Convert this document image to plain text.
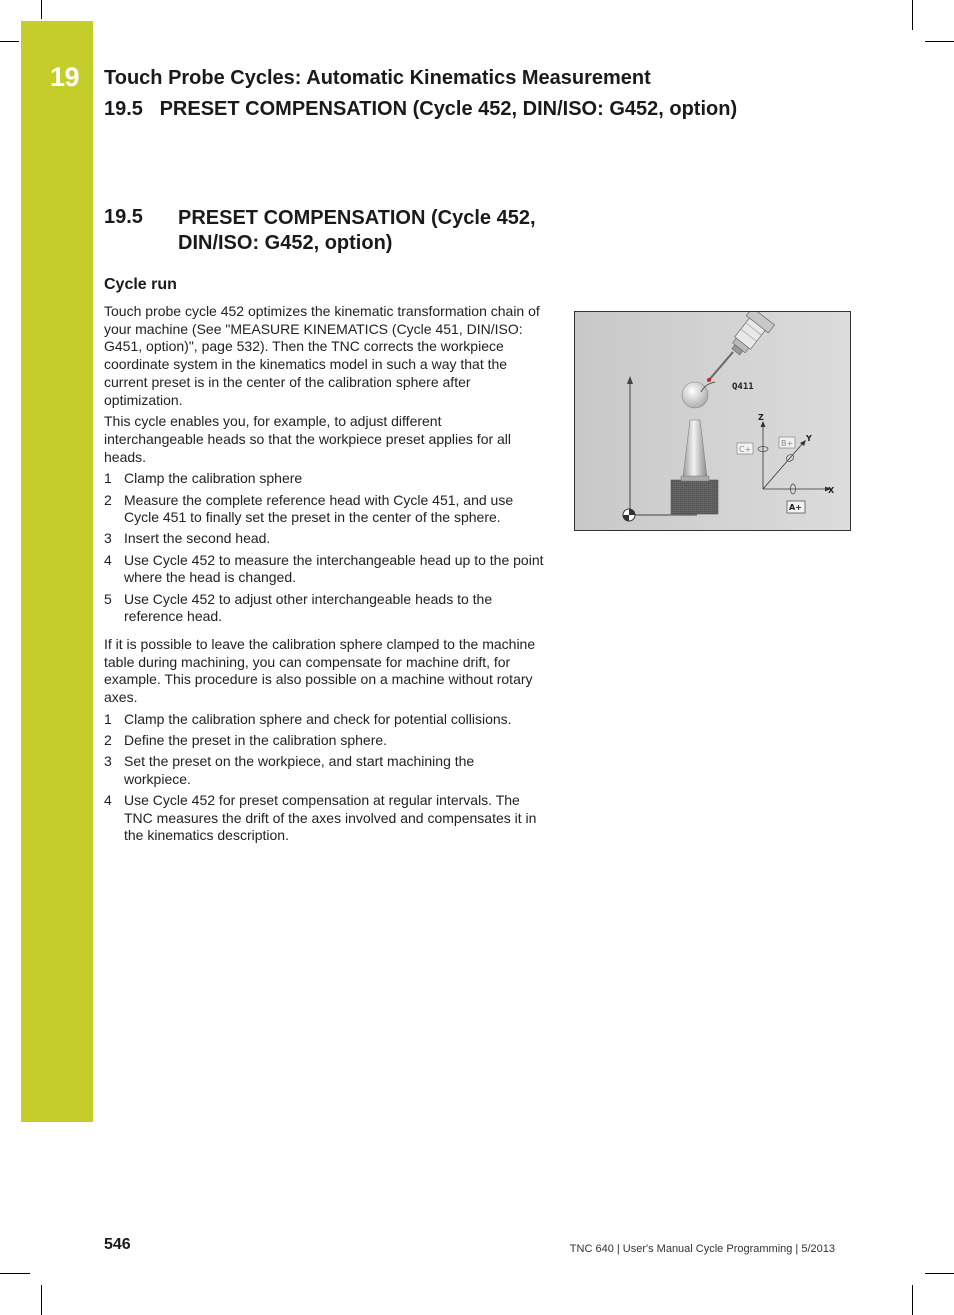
19 Touch Probe Cycles: Automatic Kinematics Measurement
19.5   PRESET COMPENSATION (Cycle 452, DIN/ISO: G452, option)
19.5 PRESET COMPENSATION (Cycle 452, DIN/ISO: G452, option)
Cycle run

Touch probe cycle 452 optimizes the kinematic transformation chain of your machine (See "MEASURE KINEMATICS (Cycle 451, DIN/ISO: G451, option)", page 532). Then the TNC corrects the workpiece coordinate system in the kinematics model in such a way that the current preset is in the center of the calibration sphere after optimization.

This cycle enables you, for example, to adjust different interchangeable heads so that the workpiece preset applies for all heads.

1 Clamp the calibration sphere
2 Measure the complete reference head with Cycle 451, and use Cycle 451 to finally set the preset in the center of the sphere.
3 Insert the second head.
4 Use Cycle 452 to measure the interchangeable head up to the point where the head is changed.
5 Use Cycle 452 to adjust other interchangeable heads to the reference head.

If it is possible to leave the calibration sphere clamped to the machine table during machining, you can compensate for machine drift, for example. This procedure is also possible on a machine without rotary axes.

1 Clamp the calibration sphere and check for potential collisions.
2 Define the preset in the calibration sphere.
3 Set the preset on the workpiece, and start machining the workpiece.
4 Use Cycle 452 for preset compensation at regular intervals. The TNC measures the drift of the axes involved and compensates it in the kinematics description.
Q411
Z
Y
X
C+
B+
A+
546	TNC 640 | User's Manual Cycle Programming | 5/2013
